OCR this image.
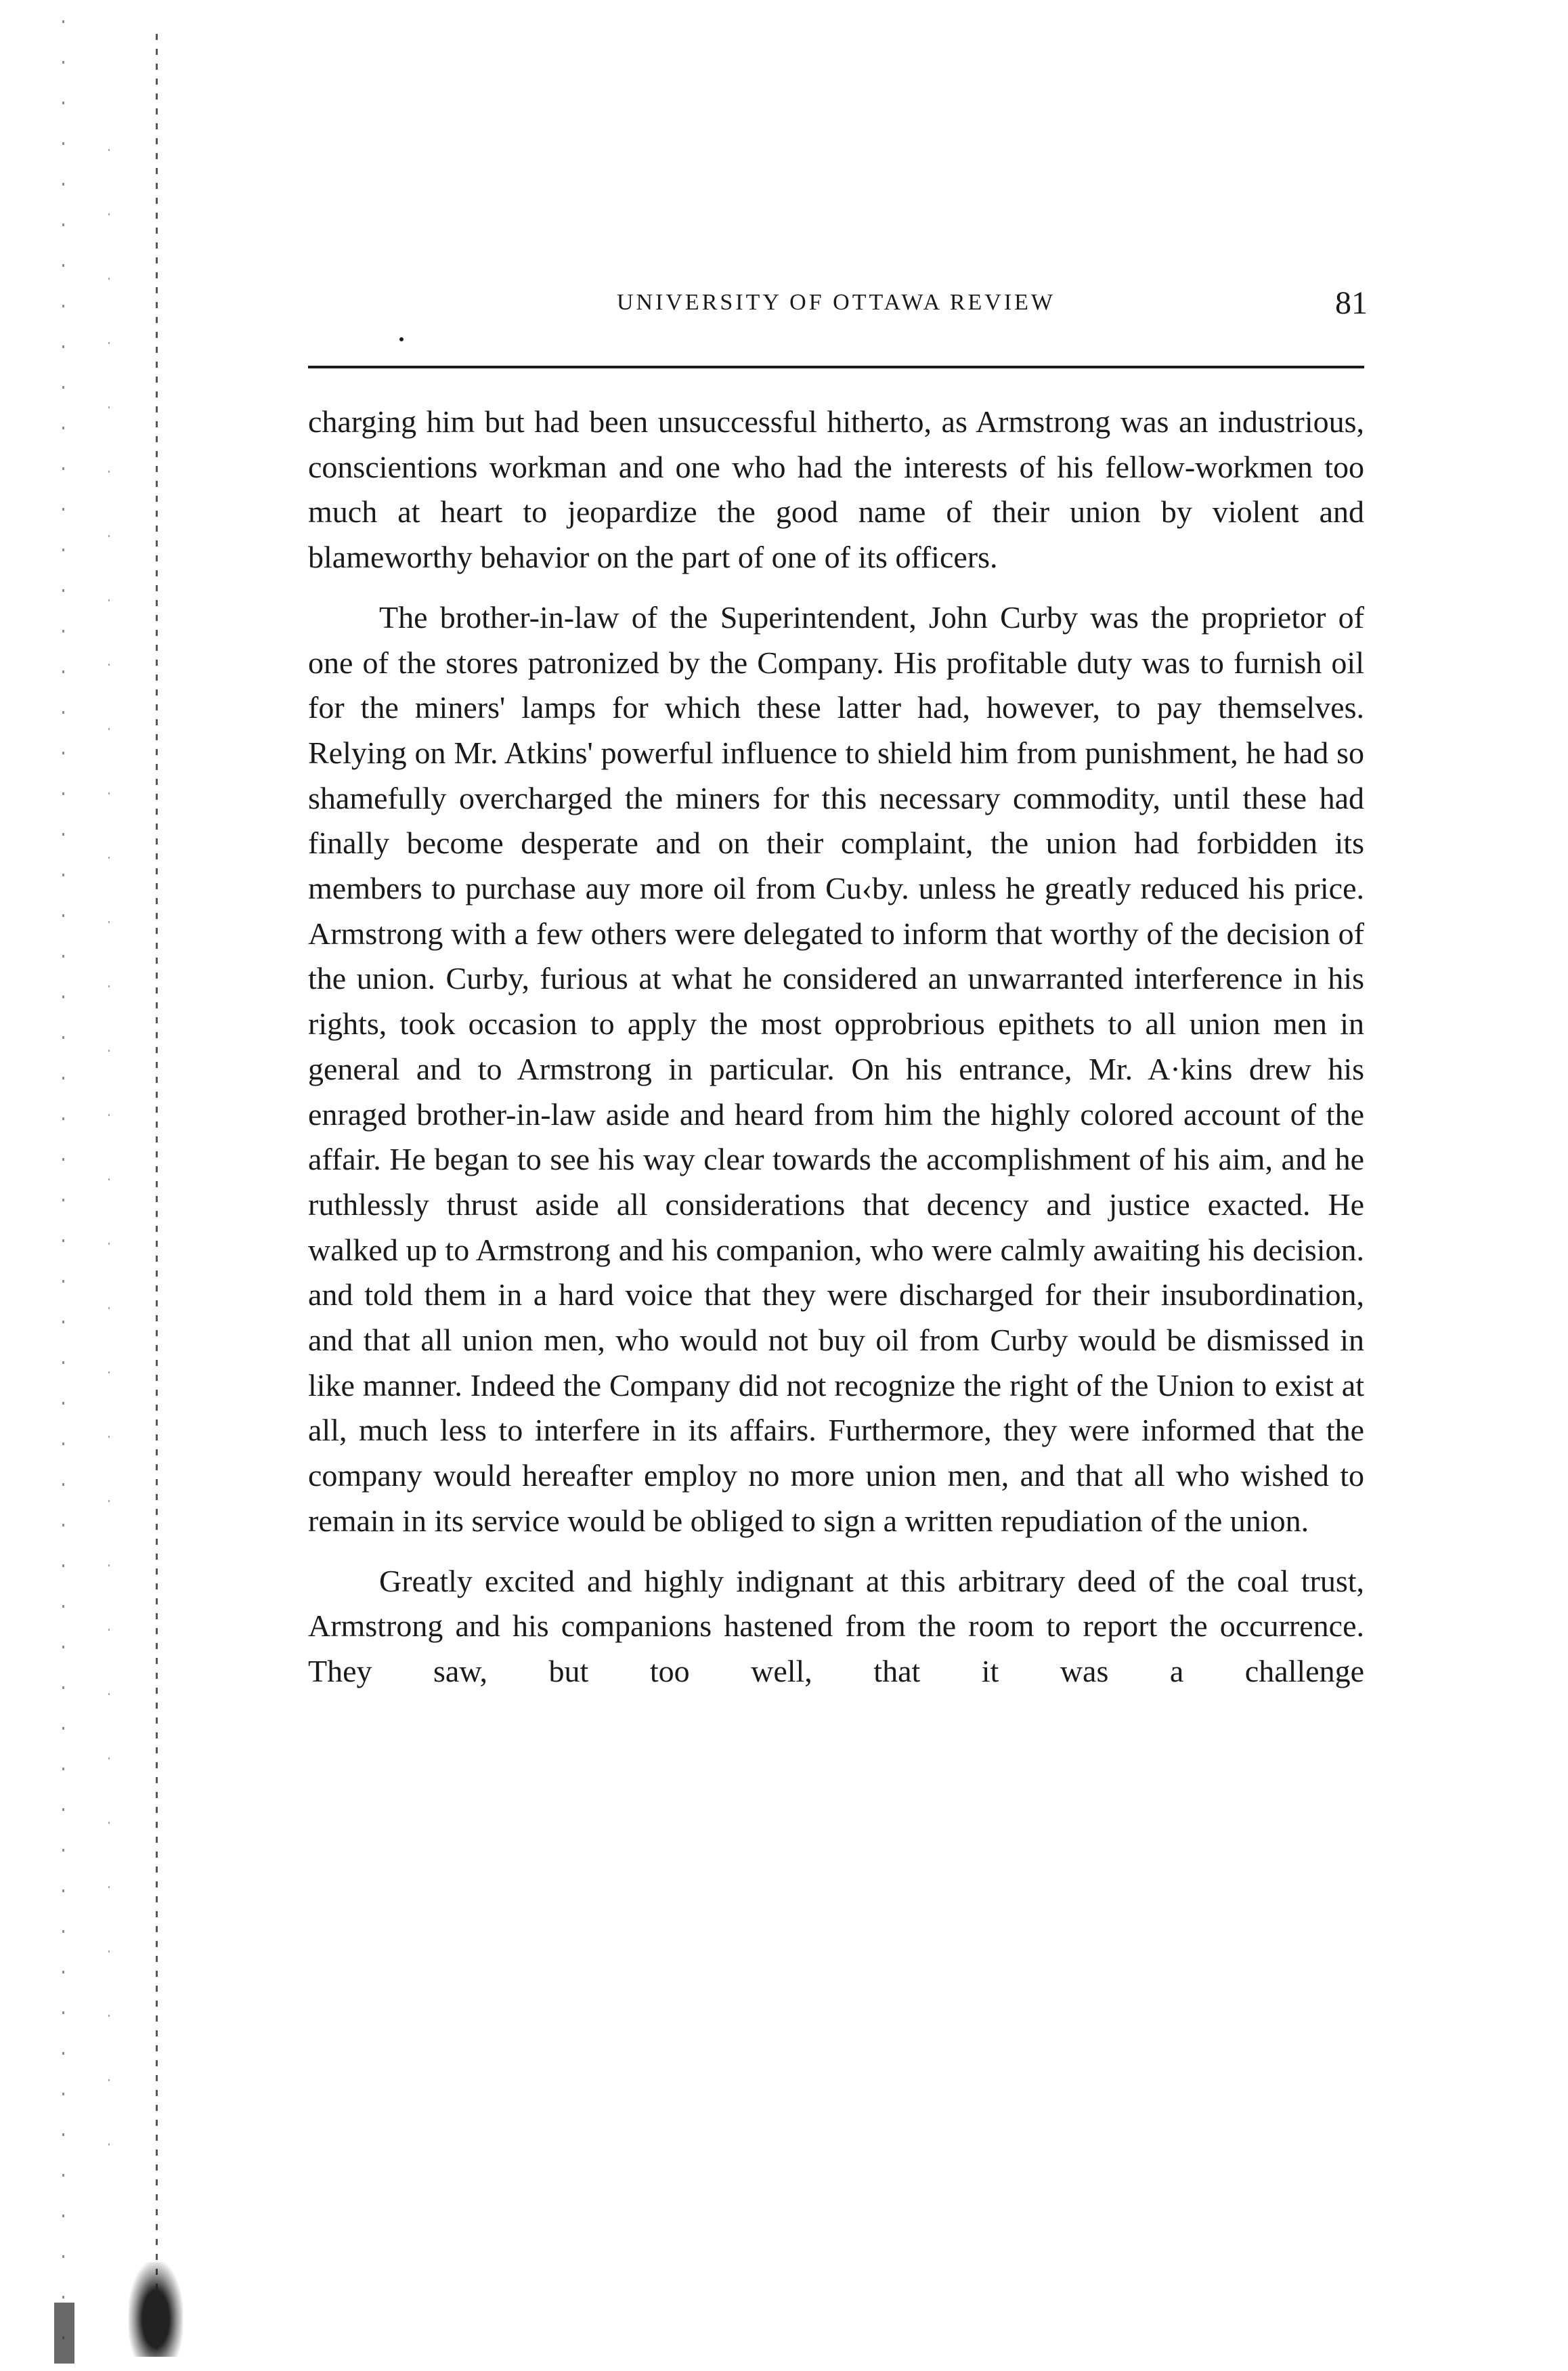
UNIVERSITY OF OTTAWA REVIEW	81

charging him but had been unsuccessful hitherto, as Armstrong was an industrious, conscientions workman and one who had the interests of his fellow-workmen too much at heart to jeopardize the good name of their union by violent and blameworthy behavior on the part of one of its officers.

The brother-in-law of the Superintendent, John Curby was the proprietor of one of the stores patronized by the Company. His profitable duty was to furnish oil for the miners' lamps for which these latter had, however, to pay themselves. Relying on Mr. Atkins' powerful influence to shield him from punishment, he had so shamefully overcharged the miners for this necessary commodity, until these had finally become desperate and on their complaint, the union had forbidden its members to purchase auy more oil from Cu‹by. unless he greatly reduced his price. Armstrong with a few others were delegated to inform that worthy of the decision of the union. Curby, furious at what he considered an unwarranted interference in his rights, took occasion to apply the most opprobrious epithets to all union men in general and to Armstrong in particular. On his entrance, Mr. A·kins drew his enraged brother-in-law aside and heard from him the highly colored account of the affair. He began to see his way clear towards the accomplishment of his aim, and he ruthlessly thrust aside all considerations that decency and justice exacted. He walked up to Armstrong and his companion, who were calmly awaiting his decision. and told them in a hard voice that they were discharged for their insubordination, and that all union men, who would not buy oil from Curby would be dismissed in like manner. Indeed the Company did not recognize the right of the Union to exist at all, much less to interfere in its affairs. Furthermore, they were informed that the company would hereafter employ no more union men, and that all who wished to remain in its service would be obliged to sign a written repudiation of the union.

Greatly excited and highly indignant at this arbitrary deed of the coal trust, Armstrong and his companions hastened from the room to report the occurrence. They saw, but too well, that it was a challenge
